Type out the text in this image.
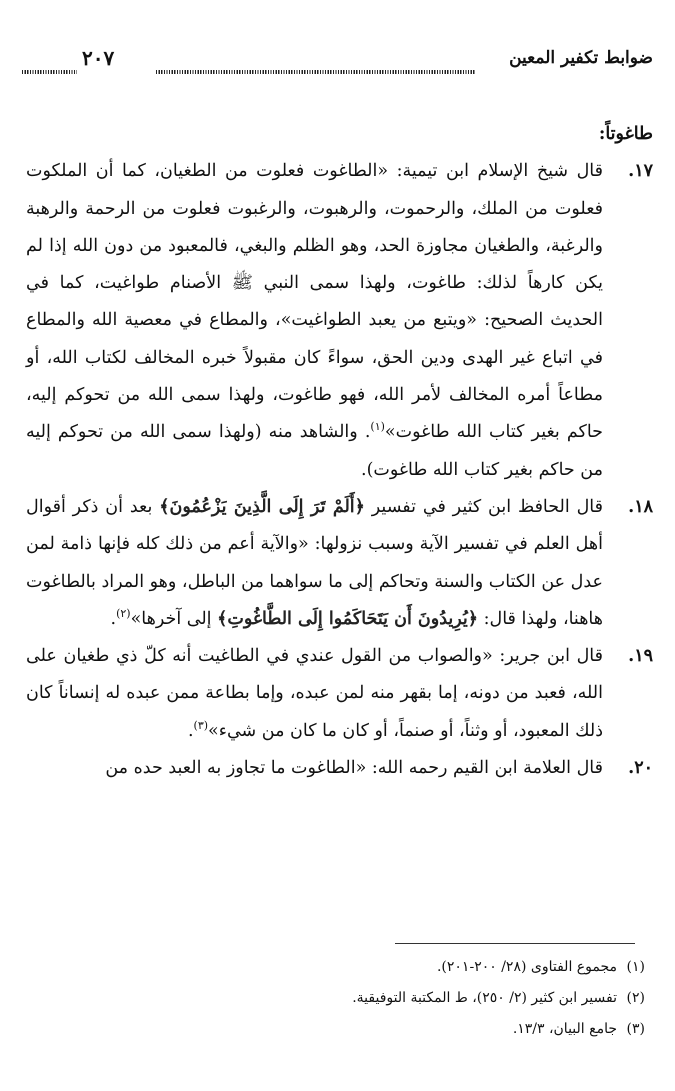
ضوابط تكفير المعين
٢٠٧

طاغوتاً:

١٧.
قال شيخ الإسلام ابن تيمية: «الطاغوت فعلوت من الطغيان، كما أن الملكوت فعلوت من الملك، والرحموت، والرهبوت، والرغبوت فعلوت من الرحمة والرهبة والرغبة، والطغيان مجاوزة الحد، وهو الظلم والبغي، فالمعبود من دون الله إذا لم يكن كارهاً لذلك: طاغوت، ولهذا سمى النبي ﷺ الأصنام طواغيت، كما في الحديث الصحيح: «ويتبع من يعبد الطواغيت»، والمطاع في معصية الله والمطاع في اتباع غير الهدى ودين الحق، سواءً كان مقبولاً خبره المخالف لكتاب الله، أو مطاعاً أمره المخالف لأمر الله، فهو طاغوت، ولهذا سمى الله من تحوكم إليه، حاكم بغير كتاب الله طاغوت»$^{(١)}$. والشاهد منه (ولهذا سمى الله من تحوكم إليه من حاكم بغير كتاب الله طاغوت).

١٨.
قال الحافظ ابن كثير في تفسير ﴿أَلَمْ تَرَ إِلَى الَّذِينَ يَزْعُمُونَ﴾ بعد أن ذكر أقوال أهل العلم في تفسير الآية وسبب نزولها: «والآية أعم من ذلك كله فإنها ذامة لمن عدل عن الكتاب والسنة وتحاكم إلى ما سواهما من الباطل، وهو المراد بالطاغوت هاهنا، ولهذا قال: ﴿يُرِيدُونَ أَن يَتَحَاكَمُوا إِلَى الطَّاغُوتِ﴾ إلى آخرها»$^{(٢)}$.

١٩.
قال ابن جرير: «والصواب من القول عندي في الطاغيت أنه كلّ ذي طغيان على الله، فعبد من دونه، إما بقهر منه لمن عبده، وإما بطاعة ممن عبده له إنساناً كان ذلك المعبود، أو وثناً، أو صنماً، أو كان ما كان من شيء»$^{(٣)}$.

٢٠.
قال العلامة ابن القيم رحمه الله: «الطاغوت ما تجاوز به العبد حده من

(١)مجموع الفتاوى (٢٨/ ٢٠٠-٢٠١).
(٢)تفسير ابن كثير (٢/ ٢٥٠)، ط المكتبة التوفيقية.
(٣)جامع البيان، ١٣/٣.
